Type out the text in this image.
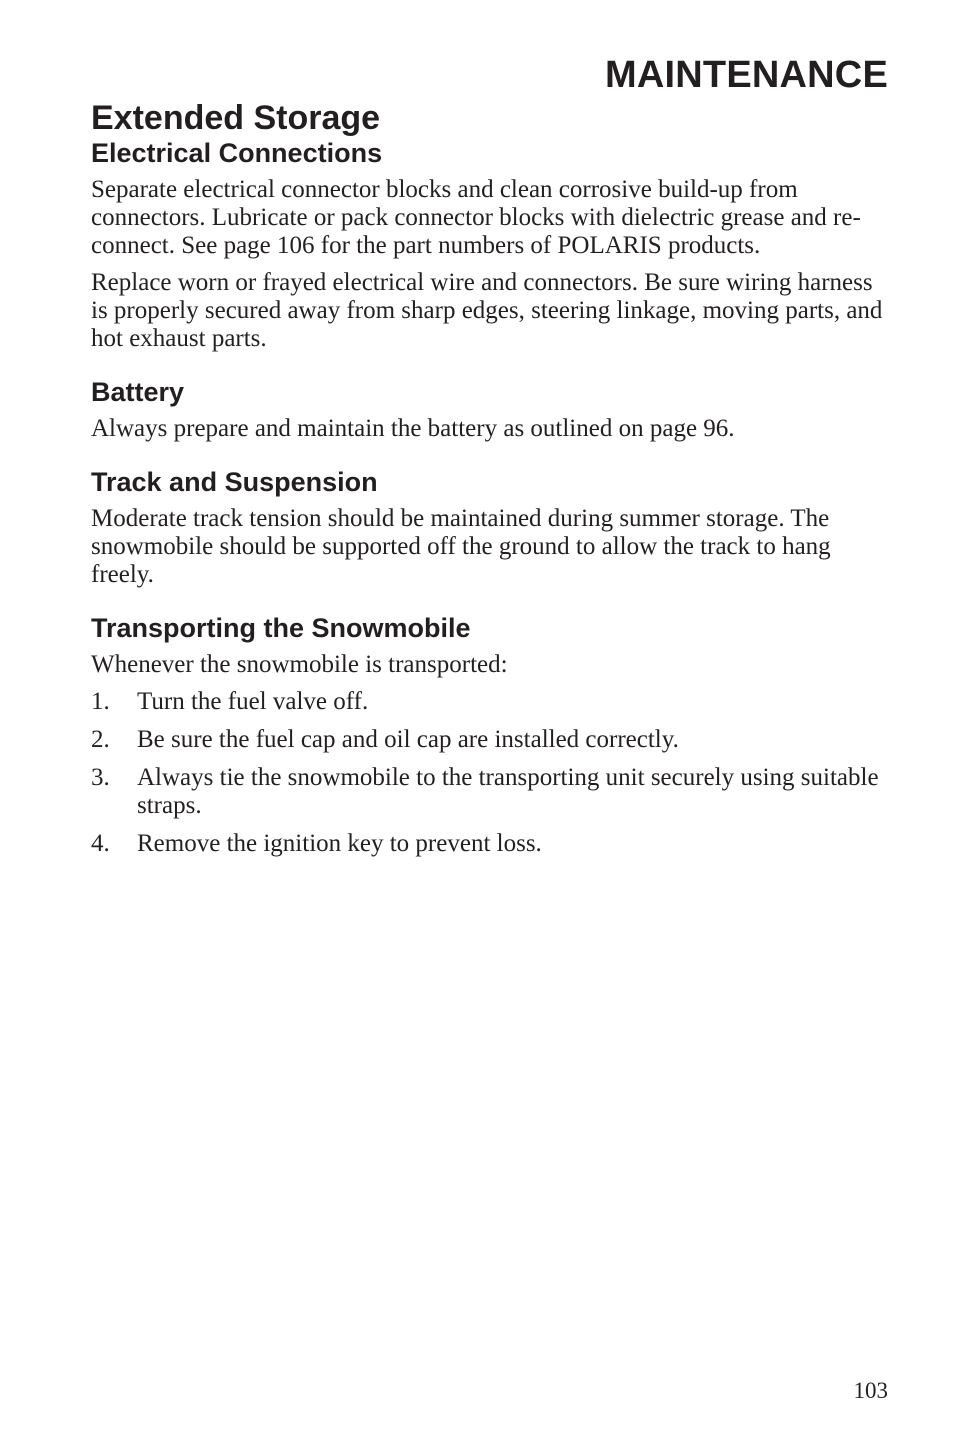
MAINTENANCE
Extended Storage
Electrical Connections

Separate electrical connector blocks and clean corrosive build-up from connectors. Lubricate or pack connector blocks with dielectric grease and re-connect. See page 106 for the part numbers of POLARIS products.

Replace worn or frayed electrical wire and connectors. Be sure wiring harness is properly secured away from sharp edges, steering linkage, moving parts, and hot exhaust parts.

Battery

Always prepare and maintain the battery as outlined on page 96.

Track and Suspension

Moderate track tension should be maintained during summer storage. The snowmobile should be supported off the ground to allow the track to hang freely.

Transporting the Snowmobile

Whenever the snowmobile is transported:

1. Turn the fuel valve off.
2. Be sure the fuel cap and oil cap are installed correctly.
3. Always tie the snowmobile to the transporting unit securely using suitable straps.
4. Remove the ignition key to prevent loss.
103
